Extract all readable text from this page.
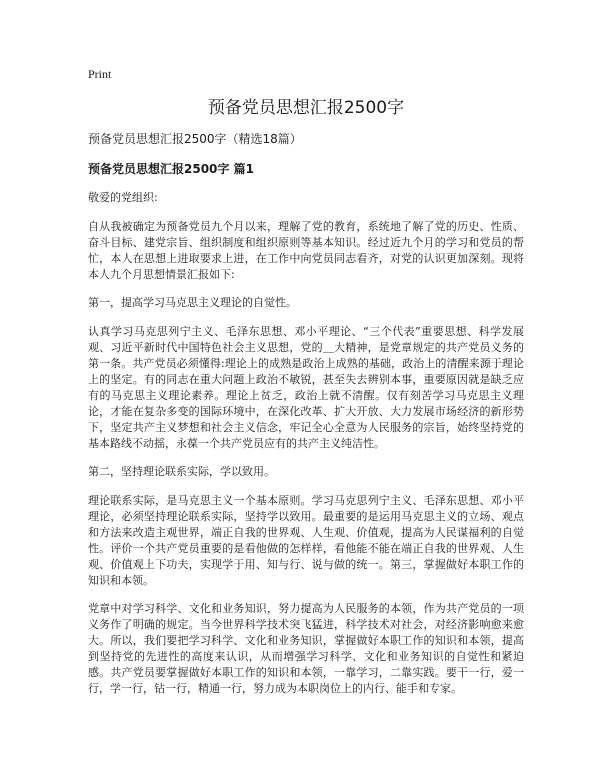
Print
预备党员思想汇报2500字
预备党员思想汇报2500字（精选18篇）
预备党员思想汇报2500字 篇1

敬爱的党组织:

自从我被确定为预备党员九个月以来，理解了党的教育，系统地了解了党的历史、性质、奋斗目标、建党宗旨、组织制度和组织原则等基本知识。经过近九个月的学习和党员的帮忙，本人在思想上进取要求上进，在工作中向党员同志看齐，对党的认识更加深刻。现将本人九个月思想情景汇报如下:

第一，提高学习马克思主义理论的自觉性。

认真学习马克思列宁主义、毛泽东思想、邓小平理论、“三个代表”重要思想、科学发展观、习近平新时代中国特色社会主义思想，党的＿大精神，是党章规定的共产党员义务的第一条。共产党员必须懂得:理论上的成熟是政治上成熟的基础，政治上的清醒来源于理论上的坚定。有的同志在重大问题上政治不敏锐，甚至失去辨别本事，重要原因就是缺乏应有的马克思主义理论素养。理论上贫乏，政治上就不清醒。仅有刻苦学习马克思主义理论，才能在复杂多变的国际环境中，在深化改革、扩大开放、大力发展市场经济的新形势下，坚定共产主义梦想和社会主义信念，牢记全心全意为人民服务的宗旨，始终坚持党的基本路线不动摇，永葆一个共产党员应有的共产主义纯洁性。

第二，坚持理论联系实际，学以致用。

理论联系实际，是马克思主义一个基本原则。学习马克思列宁主义、毛泽东思想、邓小平理论，必须坚持理论联系实际，坚持学以致用。最重要的是运用马克思主义的立场、观点和方法来改造主观世界，端正自我的世界观、人生观、价值观，提高为人民谋福利的自觉性。评价一个共产党员重要的是看他做的怎样样，看他能不能在端正自我的世界观、人生观、价值观上下功夫，实现学于用、知与行、说与做的统一。第三，掌握做好本职工作的知识和本领。

党章中对学习科学、文化和业务知识，努力提高为人民服务的本领，作为共产党员的一项义务作了明确的规定。当今世界科学技术突飞猛进，科学技术对社会，对经济影响愈来愈大。所以，我们要把学习科学、文化和业务知识，掌握做好本职工作的知识和本领，提高到坚持党的先进性的高度来认识，从而增强学习科学、文化和业务知识的自觉性和紧迫感。共产党员要掌握做好本职工作的知识和本领，一靠学习，二靠实践。要干一行，爱一行，学一行，钻一行，精通一行，努力成为本职岗位上的内行、能手和专家。
